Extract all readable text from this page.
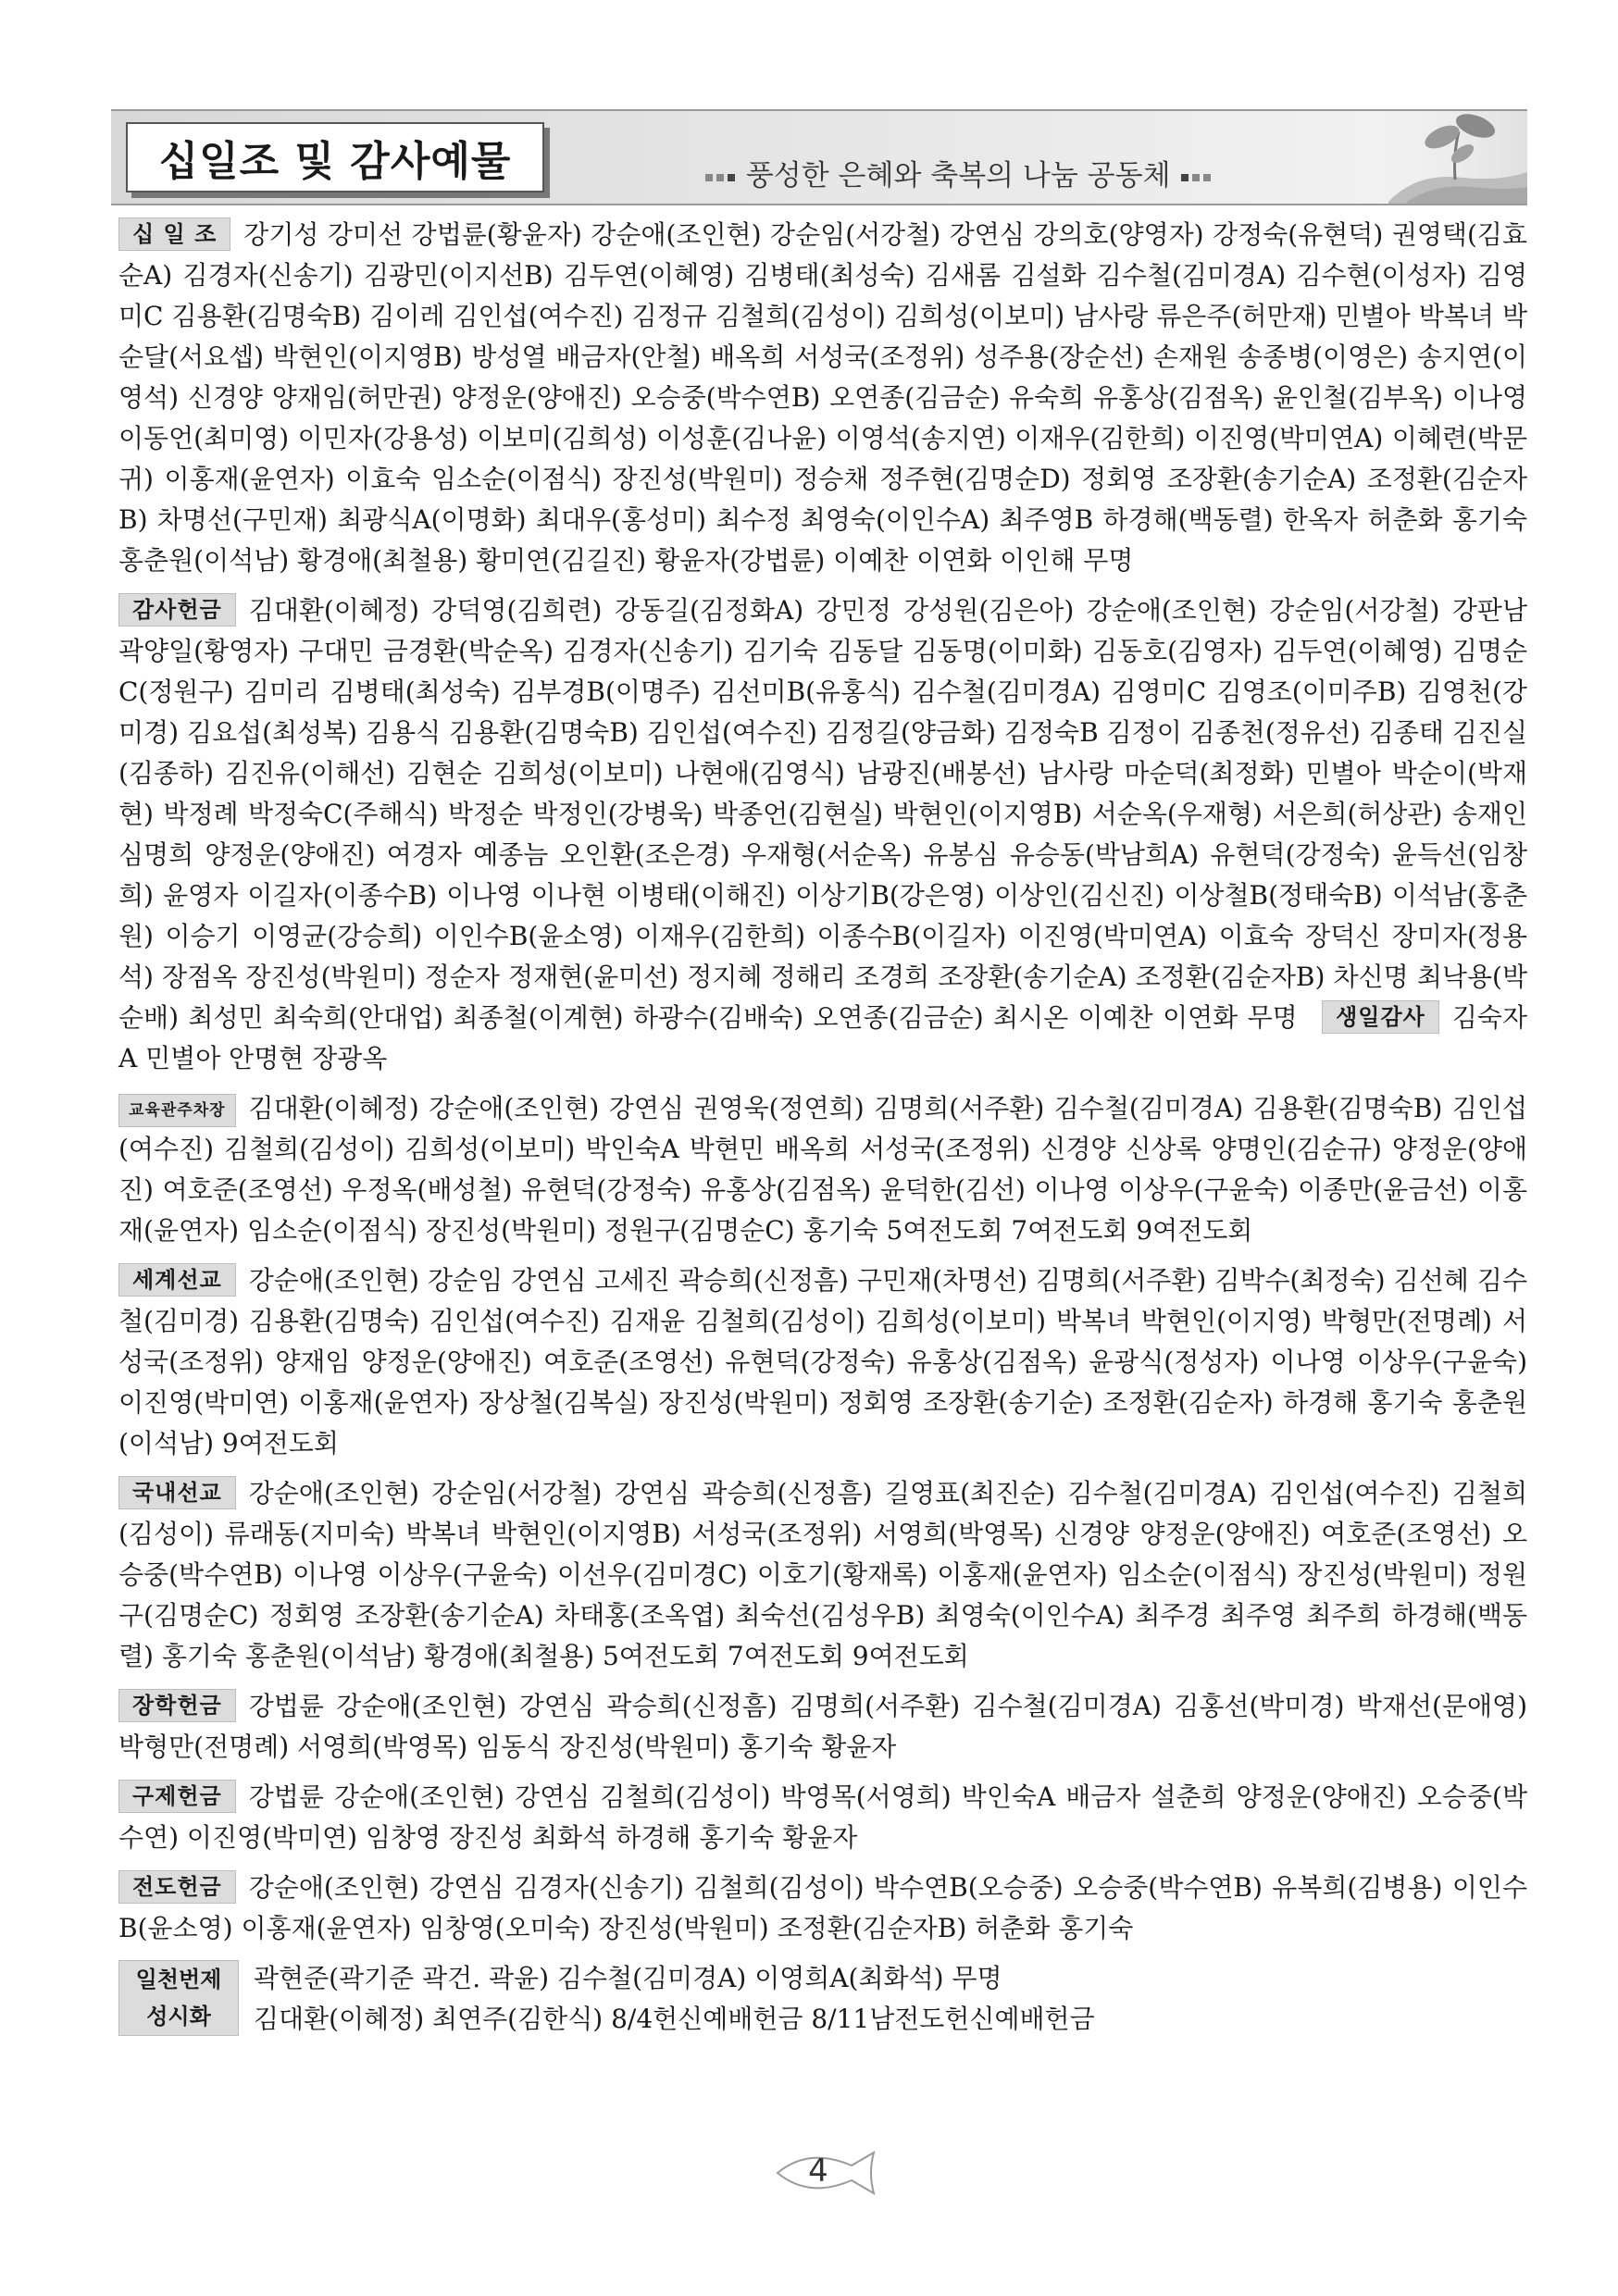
십일조 및 감사예물	풍성한 은혜와 축복의 나눔 공동체
십 일 조 강기성 강미선 강법륜(황윤자) 강순애(조인현) 강순임(서강철) 강연심 강의호(양영자) 강정숙(유현덕) 권영택(김효순A) 김경자(신송기) 김광민(이지선B) 김두연(이혜영) 김병태(최성숙) 김새롬 김설화 김수철(김미경A) 김수현(이성자) 김영미C 김용환(김명숙B) 김이레 김인섭(여수진) 김정규 김철희(김성이) 김희성(이보미) 남사랑 류은주(허만재) 민별아 박복녀 박순달(서요셉) 박현인(이지영B) 방성열 배금자(안철) 배옥희 서성국(조정위) 성주용(장순선) 손재원 송종병(이영은) 송지연(이영석) 신경양 양재임(허만권) 양정운(양애진) 오승중(박수연B) 오연종(김금순) 유숙희 유홍상(김점옥) 윤인철(김부옥) 이나영 이동언(최미영) 이민자(강용성) 이보미(김희성) 이성훈(김나윤) 이영석(송지연) 이재우(김한희) 이진영(박미연A) 이혜련(박문귀) 이홍재(윤연자) 이효숙 임소순(이점식) 장진성(박원미) 정승채 정주현(김명순D) 정회영 조장환(송기순A) 조정환(김순자B) 차명선(구민재) 최광식A(이명화) 최대우(홍성미) 최수정 최영숙(이인수A) 최주영B 하경해(백동렬) 한옥자 허춘화 홍기숙 홍춘원(이석남) 황경애(최철용) 황미연(김길진) 황윤자(강법륜) 이예찬 이연화 이인해 무명
감사헌금 김대환(이혜정) 강덕영(김희련) 강동길(김정화A) 강민정 강성원(김은아) 강순애(조인현) 강순임(서강철) 강판남 곽양일(황영자) 구대민 금경환(박순옥) 김경자(신송기) 김기숙 김동달 김동명(이미화) 김동호(김영자) 김두연(이혜영) 김명순C(정원구) 김미리 김병태(최성숙) 김부경B(이명주) 김선미B(유홍식) 김수철(김미경A) 김영미C 김영조(이미주B) 김영천(강미경) 김요섭(최성복) 김용식 김용환(김명숙B) 김인섭(여수진) 김정길(양금화) 김정숙B 김정이 김종천(정유선) 김종태 김진실(김종하) 김진유(이해선) 김현순 김희성(이보미) 나현애(김영식) 남광진(배봉선) 남사랑 마순덕(최정화) 민별아 박순이(박재현) 박정례 박정숙C(주해식) 박정순 박정인(강병욱) 박종언(김현실) 박현인(이지영B) 서순옥(우재형) 서은희(허상관) 송재인 심명희 양정운(양애진) 여경자 예종늠 오인환(조은경) 우재형(서순옥) 유봉심 유승동(박남희A) 유현덕(강정숙) 윤득선(임창희) 윤영자 이길자(이종수B) 이나영 이나현 이병태(이해진) 이상기B(강은영) 이상인(김신진) 이상철B(정태숙B) 이석남(홍춘원) 이승기 이영균(강승희) 이인수B(윤소영) 이재우(김한희) 이종수B(이길자) 이진영(박미연A) 이효숙 장덕신 장미자(정용석) 장점옥 장진성(박원미) 정순자 정재현(윤미선) 정지혜 정해리 조경희 조장환(송기순A) 조정환(김순자B) 차신명 최낙용(박순배) 최성민 최숙희(안대업) 최종철(이계현) 하광수(김배숙) 오연종(김금순) 최시온 이예찬 이연화 무명 생일감사 김숙자A 민별아 안명현 장광옥
교육관주차장 김대환(이혜정) 강순애(조인현) 강연심 권영욱(정연희) 김명희(서주환) 김수철(김미경A) 김용환(김명숙B) 김인섭(여수진) 김철희(김성이) 김희성(이보미) 박인숙A 박현민 배옥희 서성국(조정위) 신경양 신상록 양명인(김순규) 양정운(양애진) 여호준(조영선) 우정옥(배성철) 유현덕(강정숙) 유홍상(김점옥) 윤덕한(김선) 이나영 이상우(구윤숙) 이종만(윤금선) 이홍재(윤연자) 임소순(이점식) 장진성(박원미) 정원구(김명순C) 홍기숙 5여전도회 7여전도회 9여전도회
세계선교 강순애(조인현) 강순임 강연심 고세진 곽승희(신정흠) 구민재(차명선) 김명희(서주환) 김박수(최정숙) 김선혜 김수철(김미경) 김용환(김명숙) 김인섭(여수진) 김재윤 김철희(김성이) 김희성(이보미) 박복녀 박현인(이지영) 박형만(전명례) 서성국(조정위) 양재임 양정운(양애진) 여호준(조영선) 유현덕(강정숙) 유홍상(김점옥) 윤광식(정성자) 이나영 이상우(구윤숙) 이진영(박미연) 이홍재(윤연자) 장상철(김복실) 장진성(박원미) 정회영 조장환(송기순) 조정환(김순자) 하경해 홍기숙 홍춘원(이석남) 9여전도회
국내선교 강순애(조인현) 강순임(서강철) 강연심 곽승희(신정흠) 길영표(최진순) 김수철(김미경A) 김인섭(여수진) 김철희(김성이) 류래동(지미숙) 박복녀 박현인(이지영B) 서성국(조정위) 서영희(박영목) 신경양 양정운(양애진) 여호준(조영선) 오승중(박수연B) 이나영 이상우(구윤숙) 이선우(김미경C) 이호기(황재록) 이홍재(윤연자) 임소순(이점식) 장진성(박원미) 정원구(김명순C) 정회영 조장환(송기순A) 차태홍(조옥엽) 최숙선(김성우B) 최영숙(이인수A) 최주경 최주영 최주희 하경해(백동렬) 홍기숙 홍춘원(이석남) 황경애(최철용) 5여전도회 7여전도회 9여전도회
장학헌금 강법륜 강순애(조인현) 강연심 곽승희(신정흠) 김명희(서주환) 김수철(김미경A) 김홍선(박미경) 박재선(문애영) 박형만(전명례) 서영희(박영목) 임동식 장진성(박원미) 홍기숙 황윤자
구제헌금 강법륜 강순애(조인현) 강연심 김철희(김성이) 박영목(서영희) 박인숙A 배금자 설춘희 양정운(양애진) 오승중(박수연) 이진영(박미연) 임창영 장진성 최화석 하경해 홍기숙 황윤자
전도헌금 강순애(조인현) 강연심 김경자(신송기) 김철희(김성이) 박수연B(오승중) 오승중(박수연B) 유복희(김병용) 이인수B(윤소영) 이홍재(윤연자) 임창영(오미숙) 장진성(박원미) 조정환(김순자B) 허춘화 홍기숙
일천번제
성시화
곽현준(곽기준 곽건. 곽윤) 김수철(김미경A) 이영희A(최화석) 무명
김대환(이혜정) 최연주(김한식) 8/4헌신예배헌금 8/11남전도헌신예배헌금
4
